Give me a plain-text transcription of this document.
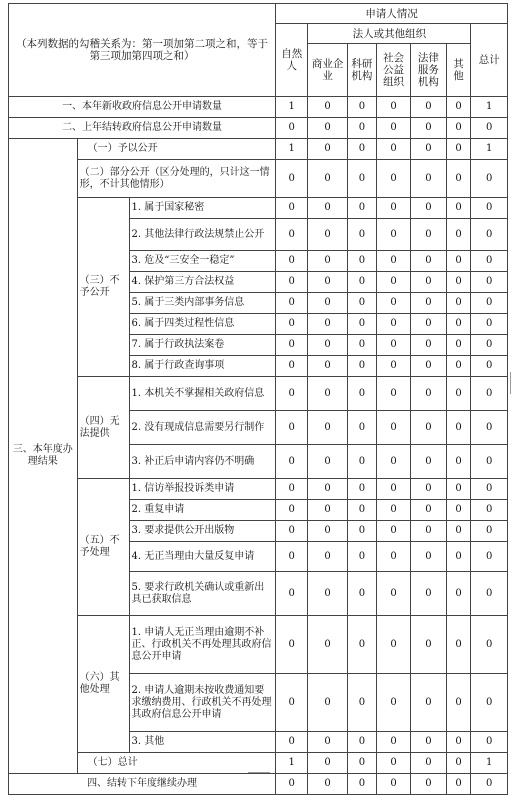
（本列数据的勾稽关系为：第一项加第二项之和，等于第三项加第四项之和）			申请人情况						
			自然人	法人或其他组织					总计
				商业企业	科研机构	社会公益组织	法律服务机构	其他	
一、本年新收政府信息公开申请数量			1	0	0	0	0	0	1
二、上年结转政府信息公开申请数量			0	0	0	0	0	0	0
三、本年度办理结果	（一）予以公开		1	0	0	0	0	0	1
	（二）部分公开（区分处理的，只计这一情形，不计其他情形）		0	0	0	0	0	0	0
	（三）不予公开	1. 属于国家秘密	0	0	0	0	0	0	0
		2. 其他法律行政法规禁止公开	0	0	0	0	0	0	0
		3. 危及“三安全一稳定”	0	0	0	0	0	0	0
		4. 保护第三方合法权益	0	0	0	0	0	0	0
		5. 属于三类内部事务信息	0	0	0	0	0	0	0
		6. 属于四类过程性信息	0	0	0	0	0	0	0
		7. 属于行政执法案卷	0	0	0	0	0	0	0
		8. 属于行政查询事项	0	0	0	0	0	0	0
	（四）无法提供	1. 本机关不掌握相关政府信息	0	0	0	0	0	0	0
		2. 没有现成信息需要另行制作	0	0	0	0	0	0	0
		3. 补正后申请内容仍不明确	0	0	0	0	0	0	0
	（五）不予处理	1. 信访举报投诉类申请	0	0	0	0	0	0	0
		2. 重复申请	0	0	0	0	0	0	0
		3. 要求提供公开出版物	0	0	0	0	0	0	0
		4. 无正当理由大量反复申请	0	0	0	0	0	0	0
		5. 要求行政机关确认或重新出具已获取信息	0	0	0	0	0	0	0
	（六）其他处理	1. 申请人无正当理由逾期不补正、行政机关不再处理其政府信息公开申请	0	0	0	0	0	0	0
		2. 申请人逾期未按收费通知要求缴纳费用、行政机关不再处理其政府信息公开申请	0	0	0	0	0	0	0
		3. 其他	0	0	0	0	0	0	0
	（七）总计		1	0	0	0	0	0	1
四、结转下年度继续办理			0	0	0	0	0	0	0
